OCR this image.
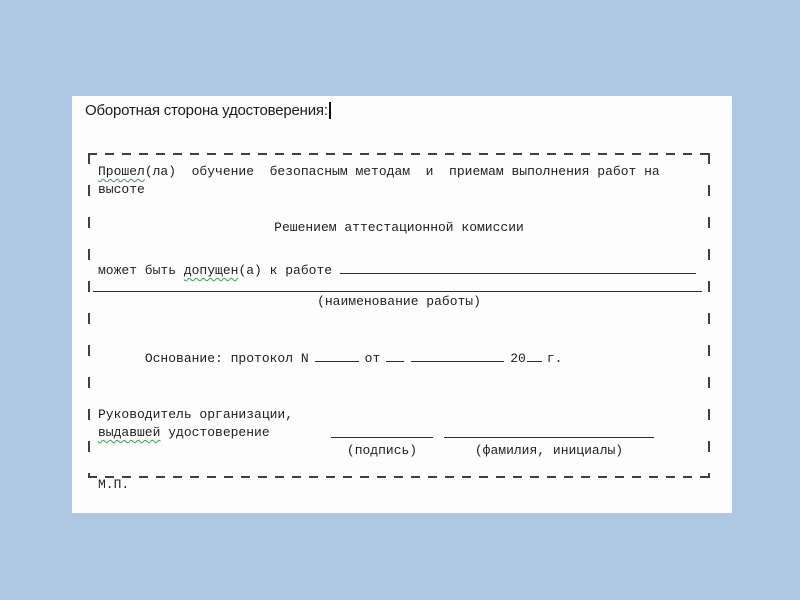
Оборотная сторона удостоверения:
Прошел(ла)  обучение  безопасным методам  и  приемам выполнения работ на
высоте
Решением аттестационной комиссии
может быть допущен (а) к работе
(наименование работы)

Основание: протокол N	от	20 г.

Руководитель организации,
выдавшей удостоверение
(подпись)	(фамилия, инициалы)
М.П.
